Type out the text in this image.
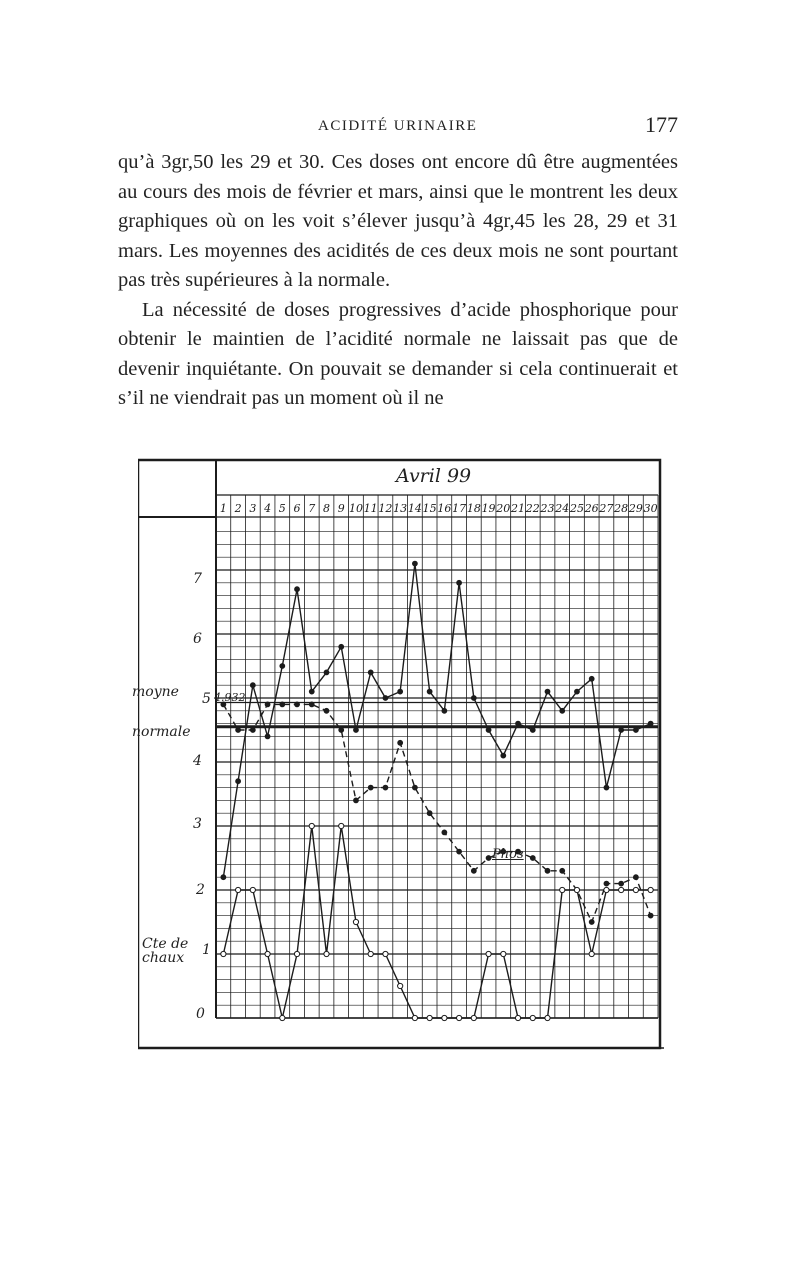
ACIDITÉ URINAIRE	177

qu’à 3gr,50 les 29 et 30. Ces doses ont encore dû être augmentées au cours des mois de février et mars, ainsi que le montrent les deux graphiques où on les voit s’élever jusqu’à 4gr,45 les 28, 29 et 31 mars. Les moyennes des acidités de ces deux mois ne sont pourtant pas très supérieures à la normale.

La nécessité de doses progressives d’acide phosphorique pour obtenir le maintien de l’acidité normale ne laissait pas que de devenir inquiétante. On pouvait se demander si cela continuerait et s’il ne viendrait pas un moment où il ne

1 2 3 4 5 6 7 8 9 10 11 12 13 14 15 16 17 18 19 20 21 22 23 24 25 26 27 28 29 30
Avril 99
moyne
normale
4.932
Phos
Cte de
chaux
7
6
5
4
3
2
1
0
